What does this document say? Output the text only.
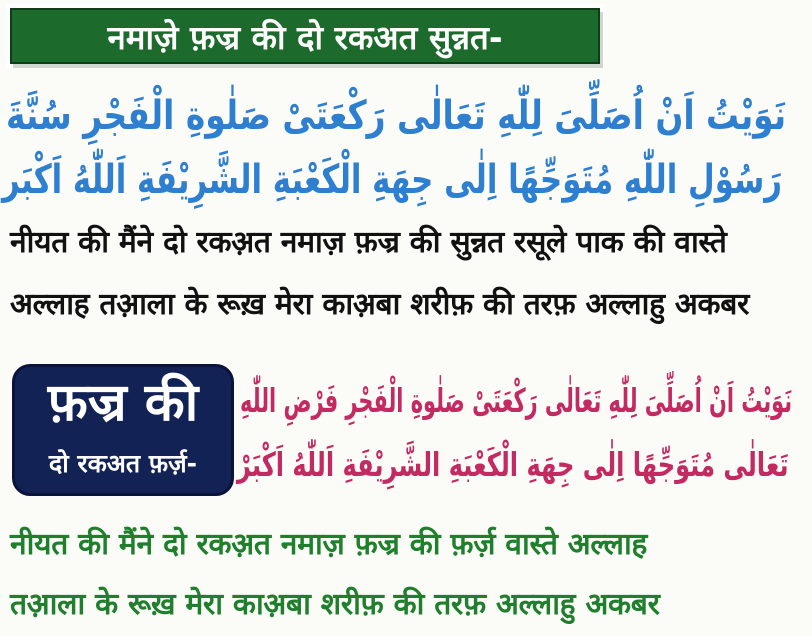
नमाज़े फ़ज्र की दो रकअत सुन्नत-
نَوَيْتُ اَنْ اُصَلِّىَ لِلّٰهِ تَعَالٰى رَكْعَتَىْ صَلٰوةِ الْفَجْرِ سُنَّةَ
رَسُوْلِ اللّٰهِ مُتَوَجِّهًا اِلٰى جِهَةِ الْكَعْبَةِ الشَّرِيْفَةِ اَللّٰهُ اَكْبَر
नीयत की मैंने दो रकअ़त नमाज़ फ़ज्र की सुन्नत रसूले पाक की वास्ते
अल्लाह तआ़ला के रूख़ मेरा काअ़बा शरीफ़ की तरफ़ अल्लाहु अकबर
फ़ज्र की
दो रकअत फ़र्ज़-
نَوَيْتُ اَنْ اُصَلِّىَ لِلّٰهِ تَعَالٰى رَكْعَتَىْ صَلٰوةِ الْفَجْرِ فَرْضِ اللّٰهِ
تَعَالٰى مُتَوَجِّهًا اِلٰى جِهَةِ الْكَعْبَةِ الشَّرِيْفَةِ اَللّٰهُ اَكْبَرْ
नीयत की मैंने दो रकअ़त नमाज़ फ़ज्र की फ़र्ज़ वास्ते अल्लाह
तआ़ला के रूख़ मेरा काअ़बा शरीफ़ की तरफ़ अल्लाहु अकबर
